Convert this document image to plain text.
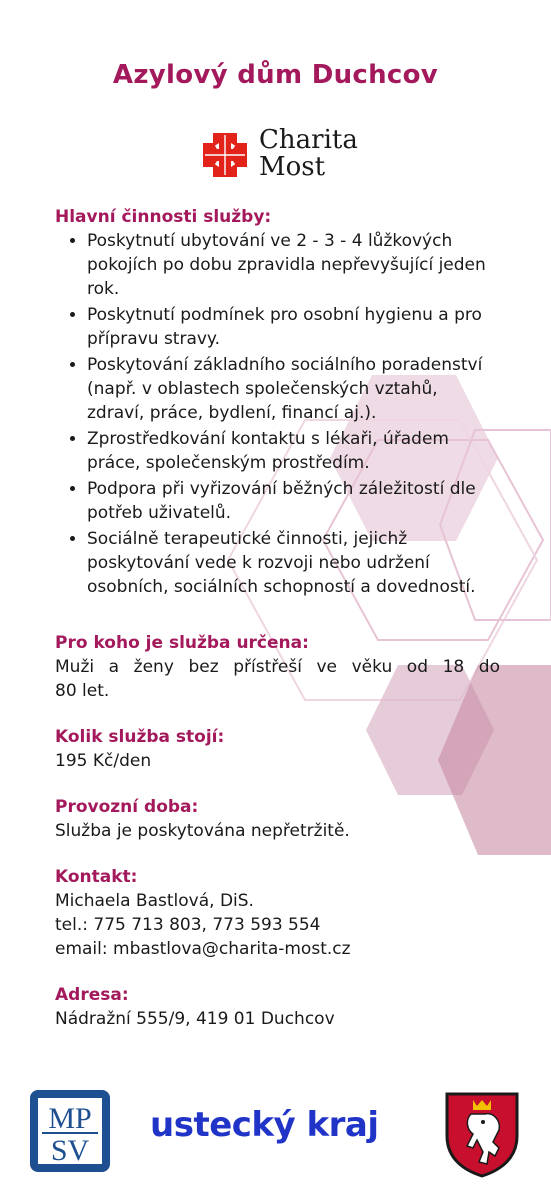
Azylový dům Duchcov
Charita
Most

Hlavní činnosti služby:

• Poskytnutí ubytování ve 2 - 3 - 4 lůžkových pokojích po dobu zpravidla nepřevyšující jeden rok.
• Poskytnutí podmínek pro osobní hygienu a pro přípravu stravy.
• Poskytování základního sociálního poradenství (např. v oblastech společenských vztahů, zdraví, práce, bydlení, financí aj.).
• Zprostředkování kontaktu s lékaři, úřadem práce, společenským prostředím.
• Podpora při vyřizování běžných záležitostí dle potřeb uživatelů.
• Sociálně terapeutické činnosti, jejichž poskytování vede k rozvoji nebo udržení osobních, sociálních schopností a dovedností.

Pro koho je služba určena:

Muži a ženy bez přístřeší ve věku od 18 do

80 let.

Kolik služba stojí:

195 Kč/den

Provozní doba:

Služba je poskytována nepřetržitě.

Kontakt:

Michaela Bastlová, DiS.

tel.: 775 713 803, 773 593 554

email: mbastlova@charita-most.cz

Adresa:

Nádražní 555/9, 419 01 Duchcov

MP
SV
ustecký kraj
